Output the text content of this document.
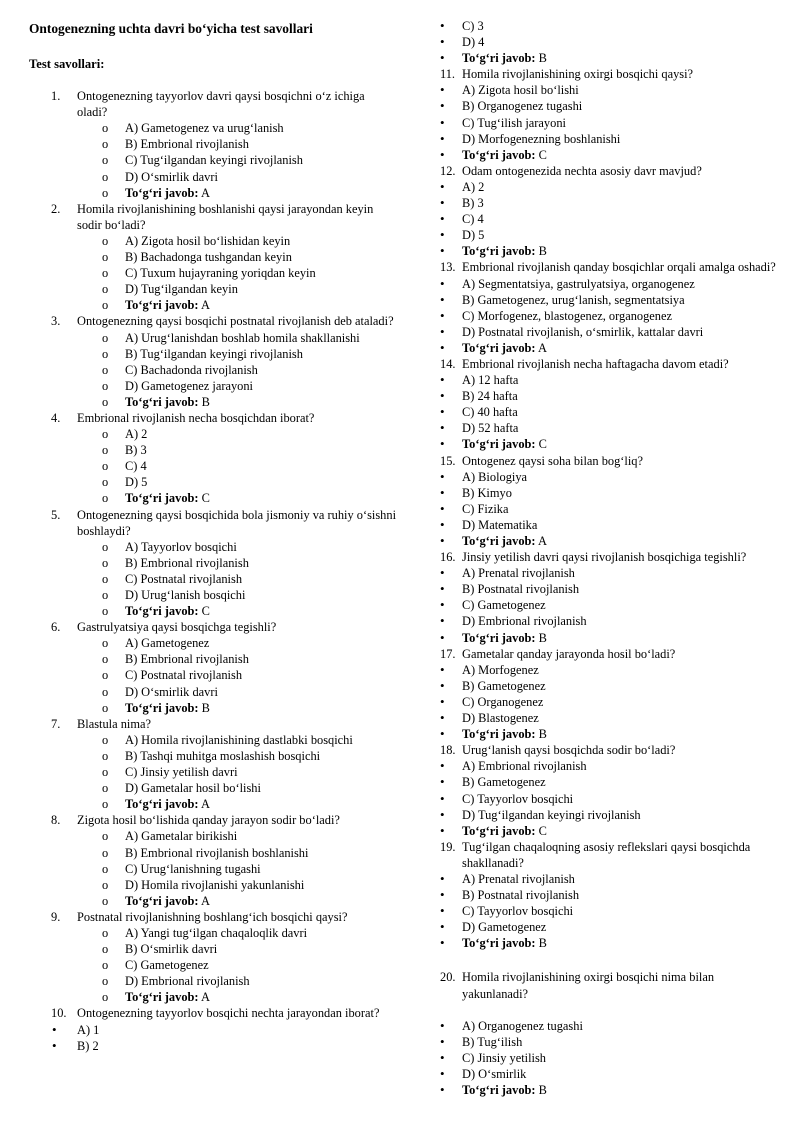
Ontogenezning uchta davri bo‘yicha test savollari
Test savollari:
1.	Ontogenezning tayyorlov davri qaysi bosqichni o‘z ichiga oladi?
o A) Gametogenez va urug‘lanish
o B) Embrional rivojlanish
o C) Tug‘ilgandan keyingi rivojlanish
o D) O‘smirlik davri
o To‘g‘ri javob: A
2.	Homila rivojlanishining boshlanishi qaysi jarayondan keyin sodir bo‘ladi?
o A) Zigota hosil bo‘lishidan keyin
o B) Bachadonga tushgandan keyin
o C) Tuxum hujayraning yoriqdan keyin
o D) Tug‘ilgandan keyin
o To‘g‘ri javob: A
3.	Ontogenezning qaysi bosqichi postnatal rivojlanish deb ataladi?
o A) Urug‘lanishdan boshlab homila shakllanishi
o B) Tug‘ilgandan keyingi rivojlanish
o C) Bachadonda rivojlanish
o D) Gametogenez jarayoni
o To‘g‘ri javob: B
4.	Embrional rivojlanish necha bosqichdan iborat?
o A) 2
o B) 3
o C) 4
o D) 5
o To‘g‘ri javob: C
5.	Ontogenezning qaysi bosqichida bola jismoniy va ruhiy o‘sishni boshlaydi?
o A) Tayyorlov bosqichi
o B) Embrional rivojlanish
o C) Postnatal rivojlanish
o D) Urug‘lanish bosqichi
o To‘g‘ri javob: C
6.	Gastrulyatsiya qaysi bosqichga tegishli?
o A) Gametogenez
o B) Embrional rivojlanish
o C) Postnatal rivojlanish
o D) O‘smirlik davri
o To‘g‘ri javob: B
7.	Blastula nima?
o A) Homila rivojlanishining dastlabki bosqichi
o B) Tashqi muhitga moslashish bosqichi
o C) Jinsiy yetilish davri
o D) Gametalar hosil bo‘lishi
o To‘g‘ri javob: A
8.	Zigota hosil bo‘lishida qanday jarayon sodir bo‘ladi?
o A) Gametalar birikishi
o B) Embrional rivojlanish boshlanishi
o C) Urug‘lanishning tugashi
o D) Homila rivojlanishi yakunlanishi
o To‘g‘ri javob: A
9.	Postnatal rivojlanishning boshlang‘ich bosqichi qaysi?
o A) Yangi tug‘ilgan chaqaloqlik davri
o B) O‘smirlik davri
o C) Gametogenez
o D) Embrional rivojlanish
o To‘g‘ri javob: A
10. Ontogenezning tayyorlov bosqichi nechta jarayondan iborat?
• A) 1
• B) 2
• C) 3
• D) 4
• To‘g‘ri javob: B
11. Homila rivojlanishining oxirgi bosqichi qaysi?
• A) Zigota hosil bo‘lishi
• B) Organogenez tugashi
• C) Tug‘ilish jarayoni
• D) Morfogenezning boshlanishi
• To‘g‘ri javob: C
12. Odam ontogenezida nechta asosiy davr mavjud?
• A) 2
• B) 3
• C) 4
• D) 5
• To‘g‘ri javob: B
13. Embrional rivojlanish qanday bosqichlar orqali amalga oshadi?
• A) Segmentatsiya, gastrulyatsiya, organogenez
• B) Gametogenez, urug‘lanish, segmentatsiya
• C) Morfogenez, blastogenez, organogenez
• D) Postnatal rivojlanish, o‘smirlik, kattalar davri
• To‘g‘ri javob: A
14. Embrional rivojlanish necha haftagacha davom etadi?
• A) 12 hafta
• B) 24 hafta
• C) 40 hafta
• D) 52 hafta
• To‘g‘ri javob: C
15. Ontogenez qaysi soha bilan bog‘liq?
• A) Biologiya
• B) Kimyo
• C) Fizika
• D) Matematika
• To‘g‘ri javob: A
16. Jinsiy yetilish davri qaysi rivojlanish bosqichiga tegishli?
• A) Prenatal rivojlanish
• B) Postnatal rivojlanish
• C) Gametogenez
• D) Embrional rivojlanish
• To‘g‘ri javob: B
17. Gametalar qanday jarayonda hosil bo‘ladi?
• A) Morfogenez
• B) Gametogenez
• C) Organogenez
• D) Blastogenez
• To‘g‘ri javob: B
18. Urug‘lanish qaysi bosqichda sodir bo‘ladi?
• A) Embrional rivojlanish
• B) Gametogenez
• C) Tayyorlov bosqichi
• D) Tug‘ilgandan keyingi rivojlanish
• To‘g‘ri javob: C
19. Tug‘ilgan chaqaloqning asosiy reflekslari qaysi bosqichda shakllanadi?
• A) Prenatal rivojlanish
• B) Postnatal rivojlanish
• C) Tayyorlov bosqichi
• D) Gametogenez
• To‘g‘ri javob: B
20. Homila rivojlanishining oxirgi bosqichi nima bilan yakunlanadi?
• A) Organogenez tugashi
• B) Tug‘ilish
• C) Jinsiy yetilish
• D) O‘smirlik
• To‘g‘ri javob: B
